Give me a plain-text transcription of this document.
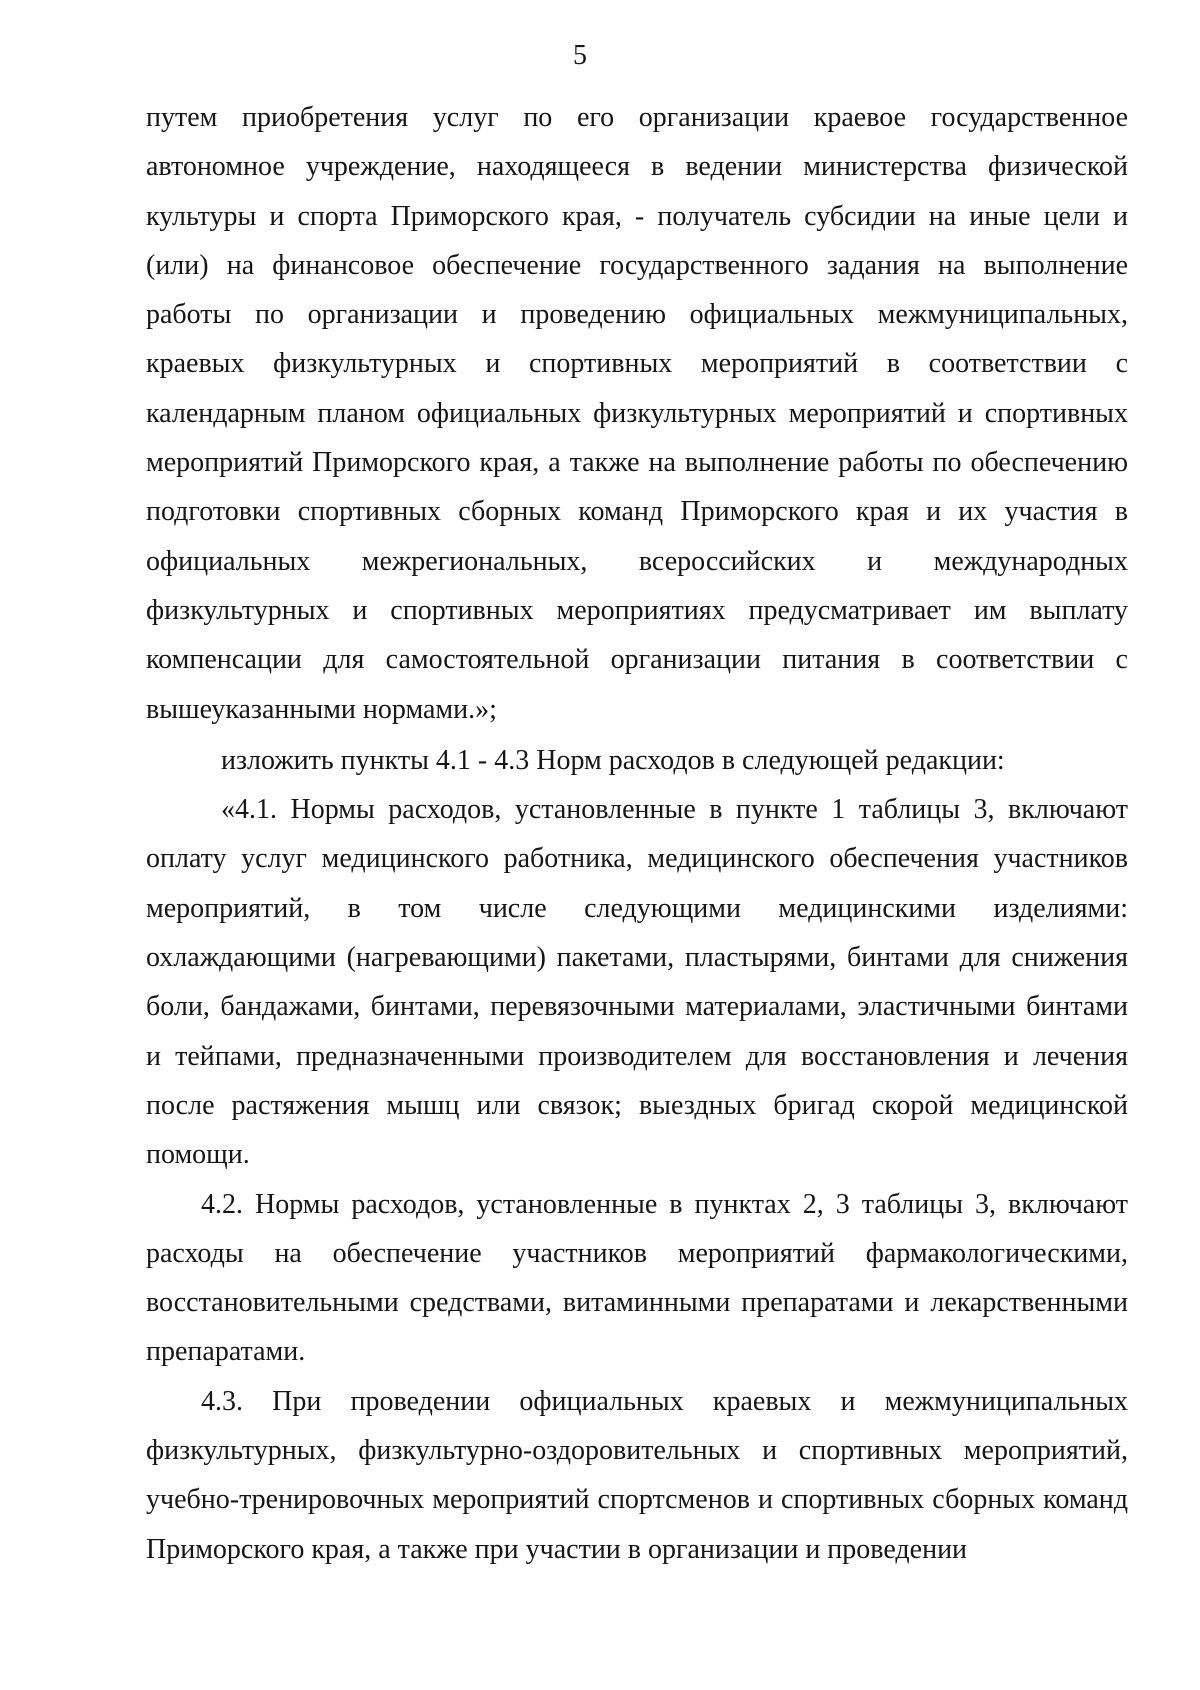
5

путем приобретения услуг по его организации краевое государственное автономное учреждение, находящееся в ведении министерства физической культуры и спорта Приморского края, - получатель субсидии на иные цели и (или) на финансовое обеспечение государственного задания на выполнение работы по организации и проведению официальных межмуниципальных, краевых физкультурных и спортивных мероприятий в соответствии с календарным планом официальных физкультурных мероприятий и спортивных мероприятий Приморского края, а также на выполнение работы по обеспечению подготовки спортивных сборных команд Приморского края и их участия в официальных межрегиональных, всероссийских и международных физкультурных и спортивных мероприятиях предусматривает им выплату компенсации для самостоятельной организации питания в соответствии с вышеуказанными нормами.»;

изложить пункты 4.1 - 4.3 Норм расходов в следующей редакции:

«4.1. Нормы расходов, установленные в пункте 1 таблицы 3, включают оплату услуг медицинского работника, медицинского обеспечения участников мероприятий, в том числе следующими медицинскими изделиями: охлаждающими (нагревающими) пакетами, пластырями, бинтами для снижения боли, бандажами, бинтами, перевязочными материалами, эластичными бинтами и тейпами, предназначенными производителем для восстановления и лечения после растяжения мышц или связок; выездных бригад скорой медицинской помощи.

4.2. Нормы расходов, установленные в пунктах 2, 3 таблицы 3, включают расходы на обеспечение участников мероприятий фармакологическими, восстановительными средствами, витаминными препаратами и лекарственными препаратами.

4.3. При проведении официальных краевых и межмуниципальных физкультурных, физкультурно-оздоровительных и спортивных мероприятий, учебно-тренировочных мероприятий спортсменов и спортивных сборных команд Приморского края, а также при участии в организации и проведении
